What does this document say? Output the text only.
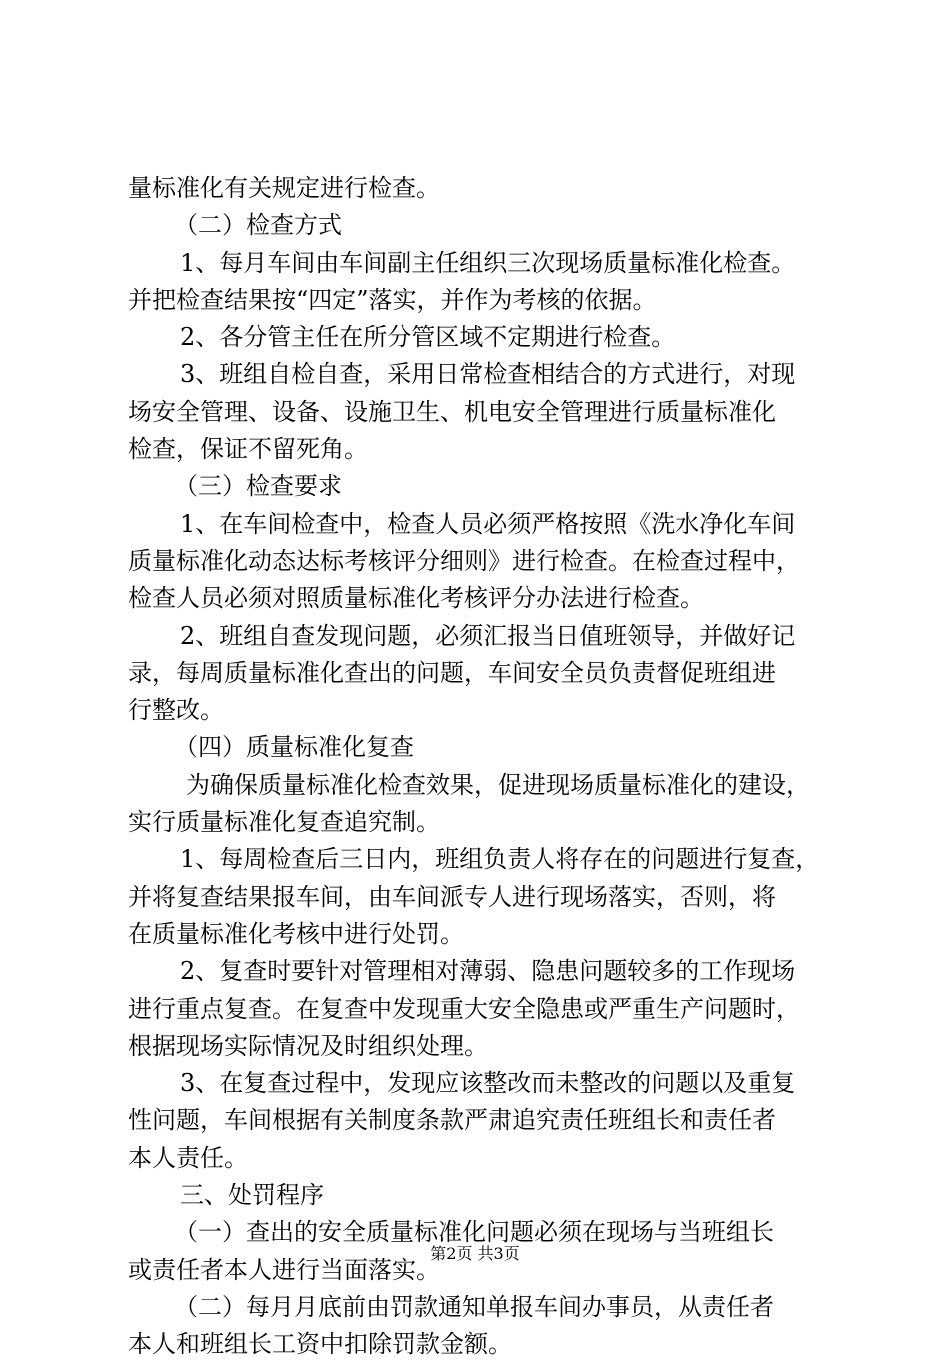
量标准化有关规定进行检查。
（二）检查方式
1、每月车间由车间副主任组织三次现场质量标准化检查。
并把检查结果按“四定”落实，并作为考核的依据。
2、各分管主任在所分管区域不定期进行检查。
3、班组自检自查，采用日常检查相结合的方式进行，对现
场安全管理、设备、设施卫生、机电安全管理进行质量标准化
检查，保证不留死角。
（三）检查要求
1、在车间检查中，检查人员必须严格按照《洗水净化车间
质量标准化动态达标考核评分细则》进行检查。在检查过程中，
检查人员必须对照质量标准化考核评分办法进行检查。
2、班组自查发现问题，必须汇报当日值班领导，并做好记
录，每周质量标准化查出的问题，车间安全员负责督促班组进
行整改。
（四）质量标准化复查
为确保质量标准化检查效果，促进现场质量标准化的建设，
实行质量标准化复查追究制。
1、每周检查后三日内，班组负责人将存在的问题进行复查，
并将复查结果报车间，由车间派专人进行现场落实，否则，将
在质量标准化考核中进行处罚。
2、复查时要针对管理相对薄弱、隐患问题较多的工作现场
进行重点复查。在复查中发现重大安全隐患或严重生产问题时，
根据现场实际情况及时组织处理。
3、在复查过程中，发现应该整改而未整改的问题以及重复
性问题，车间根据有关制度条款严肃追究责任班组长和责任者
本人责任。
三、处罚程序
（一）查出的安全质量标准化问题必须在现场与当班组长
或责任者本人进行当面落实。
（二）每月月底前由罚款通知单报车间办事员，从责任者
本人和班组长工资中扣除罚款金额。
第2页 共3页
